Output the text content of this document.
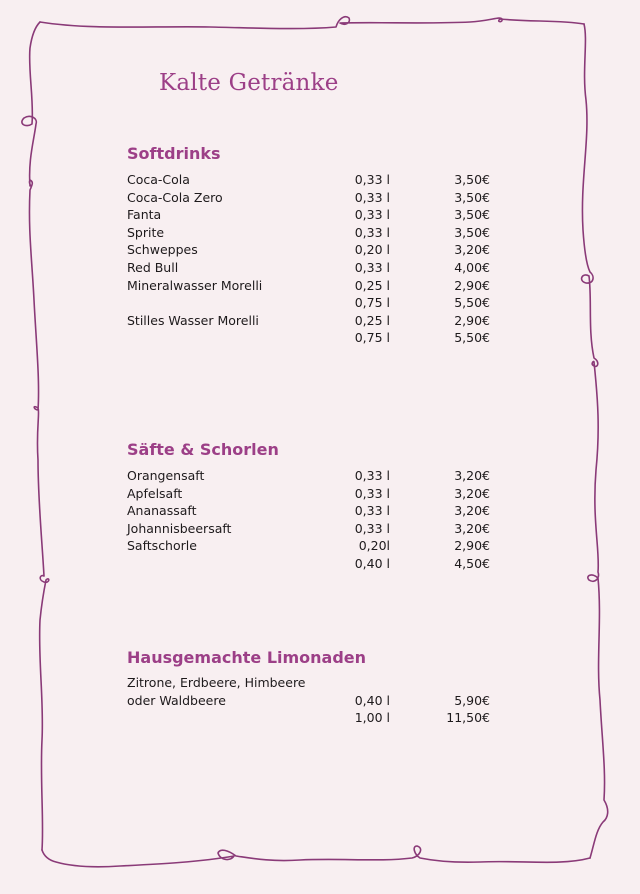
Kalte Getränke
Softdrinks
Coca-Cola	0,33 l	3,50€
Coca-Cola Zero	0,33 l	3,50€
Fanta	0,33 l	3,50€
Sprite	0,33 l	3,50€
Schweppes	0,20 l	3,20€
Red Bull	0,33 l	4,00€
Mineralwasser Morelli	0,25 l	2,90€
0,75 l	5,50€
Stilles Wasser Morelli	0,25 l	2,90€
0,75 l	5,50€
Säfte & Schorlen
Orangensaft	0,33 l	3,20€
Apfelsaft	0,33 l	3,20€
Ananassaft	0,33 l	3,20€
Johannisbeersaft	0,33 l	3,20€
Saftschorle	0,20l	2,90€
0,40 l	4,50€
Hausgemachte Limonaden
Zitrone, Erdbeere, Himbeere
oder Waldbeere	0,40 l	5,90€
1,00 l	11,50€
